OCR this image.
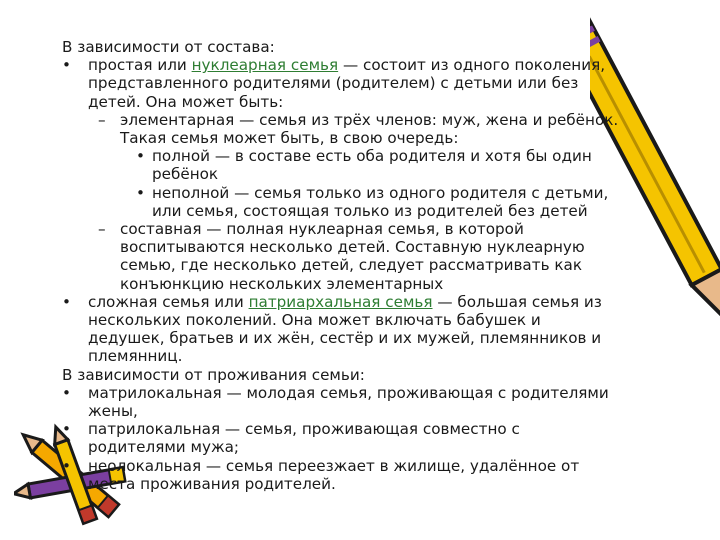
В зависимости от состава:
• простая или нуклеарная семья — состоит из одного поколения,
представленного родителями (родителем) с детьми или без
детей. Она может быть:
– элементарная — семья из трёх членов: муж, жена и ребёнок.
Такая семья может быть, в свою очередь:
• полной — в составе есть оба родителя и хотя бы один
ребёнок
• неполной — семья только из одного родителя с детьми,
или семья, состоящая только из родителей без детей
– составная — полная нуклеарная семья, в которой
воспитываются несколько детей. Составную нуклеарную
семью, где несколько детей, следует рассматривать как
конъюнкцию нескольких элементарных
• сложная семья или патриархальная семья — большая семья из
нескольких поколений. Она может включать бабушек и
дедушек, братьев и их жён, сестёр и их мужей, племянников и
племянниц.
В зависимости от проживания семьи:
• матрилокальная — молодая семья, проживающая с родителями
жены,
• патрилокальная — семья, проживающая совместно с
родителями мужа;
• неолокальная — семья переезжает в жилище, удалённое от
места проживания родителей.
